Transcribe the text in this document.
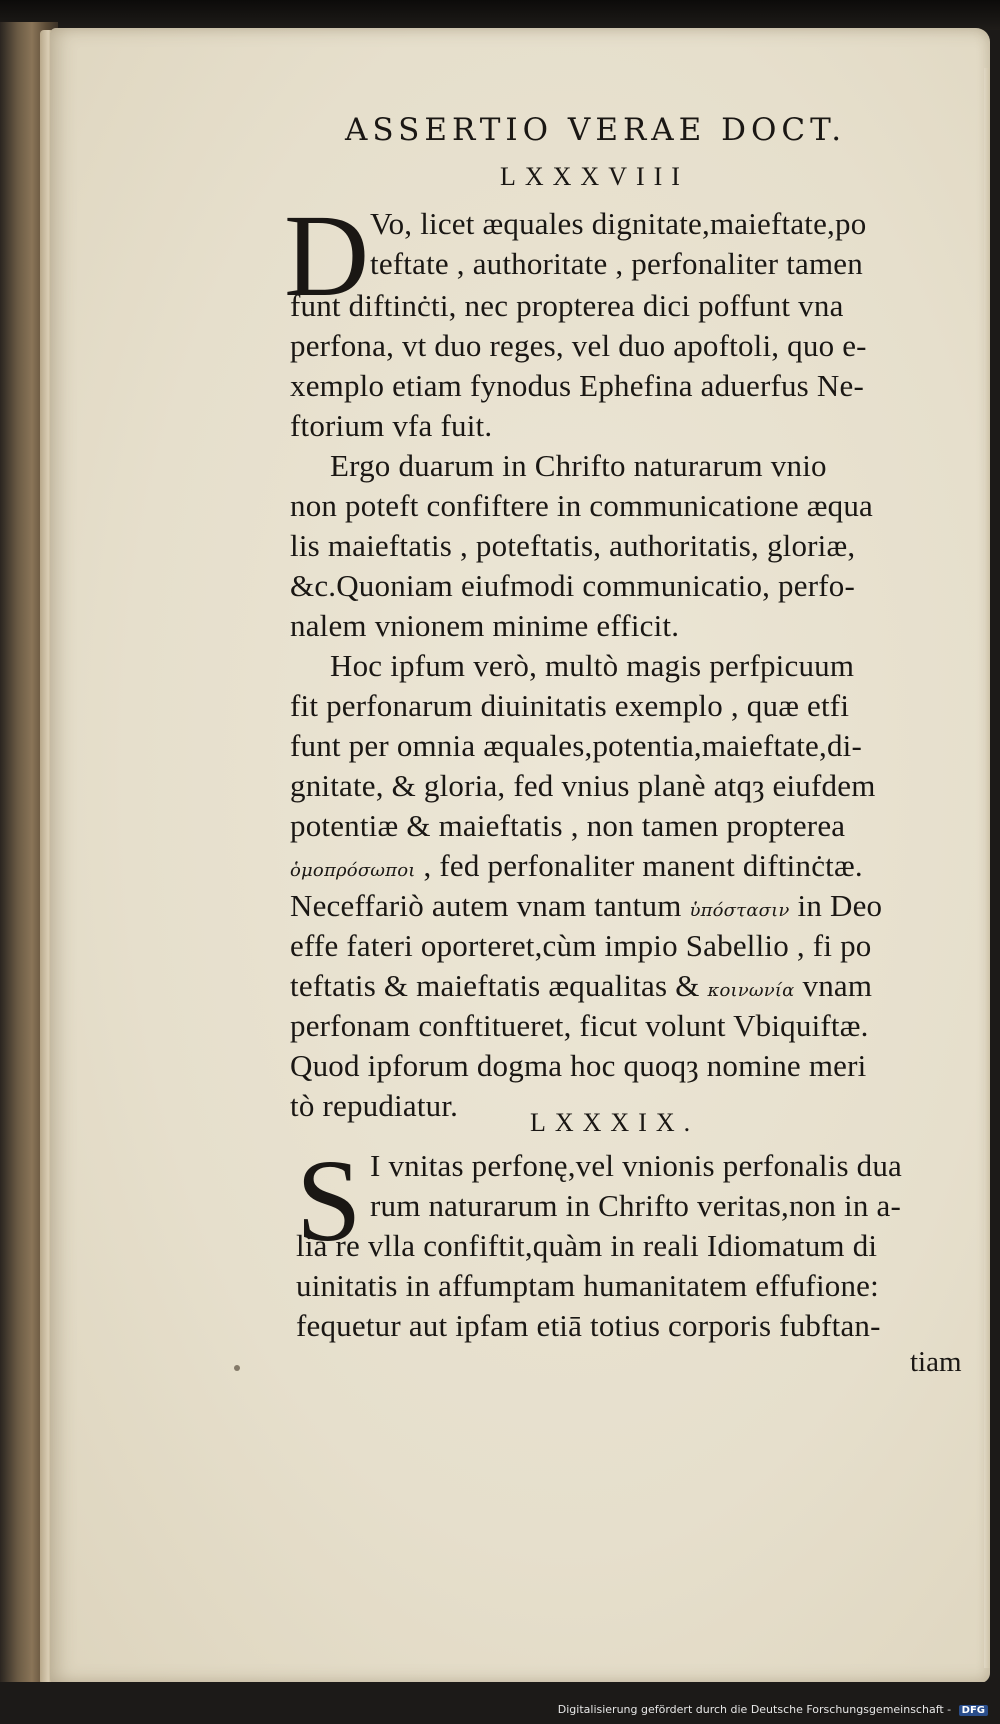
ASSERTIO VERAE DOCT.
LXXXVIII
D Vo, licet æquales dignitate,maieftate,po
teftate , authoritate , perfonaliter tamen
funt diftinċti, nec propterea dici poffunt vna
perfona, vt duo reges, vel duo apoftoli, quo e-
xemplo etiam fynodus Ephefina aduerfus Ne-
ftorium vfa fuit.
Ergo duarum in Chrifto naturarum vnio
non poteft confiftere in communicatione æqua
lis maieftatis , poteftatis, authoritatis, gloriæ,
&c.Quoniam eiufmodi communicatio, perfo-
nalem vnionem minime efficit.
Hoc ipfum verò, multò magis perfpicuum
fit perfonarum diuinitatis exemplo , quæ etfi
funt per omnia æquales,potentia,maieftate,di-
gnitate, & gloria, fed vnius planè atqȝ eiufdem
potentiæ & maieftatis , non tamen propterea
ὁμοπρόσωποι , fed perfonaliter manent diftinċtæ.
Neceffariò autem vnam tantum ὑπόστασιν in Deo
effe fateri oporteret,cùm impio Sabellio , fi po
teftatis & maieftatis æqualitas & κοινωνία vnam
perfonam conftitueret, ficut volunt Vbiquiftæ.
Quod ipforum dogma hoc quoqȝ nomine meri
tò repudiatur.	LXXXIX.
S I vnitas perfonę,vel vnionis perfonalis dua
rum naturarum in Chrifto veritas,non in a-
lia re vlla confiftit,quàm in reali Idiomatum di
uinitatis in affumptam humanitatem effufione:
fequetur aut ipfam etiā totius corporis fubftan-
tiam
Digitalisierung gefördert durch die Deutsche Forschungsgemeinschaft - DFG
